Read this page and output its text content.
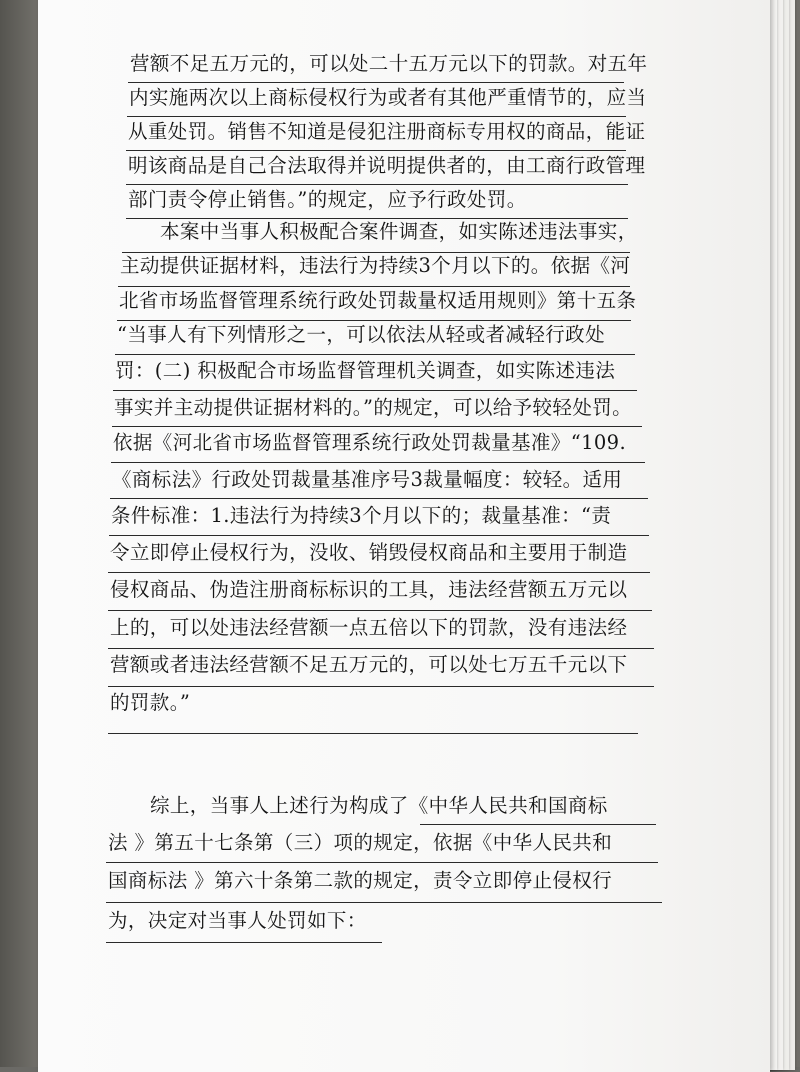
营额不足五万元的，可以处二十五万元以下的罚款。对五年
内实施两次以上商标侵权行为或者有其他严重情节的，应当
从重处罚。销售不知道是侵犯注册商标专用权的商品，能证
明该商品是自己合法取得并说明提供者的，由工商行政管理
部门责令停止销售。”的规定，应予行政处罚。
本案中当事人积极配合案件调查，如实陈述违法事实，
主动提供证据材料，违法行为持续3个月以下的。依据《河
北省市场监督管理系统行政处罚裁量权适用规则》第十五条
“当事人有下列情形之一，可以依法从轻或者减轻行政处
罚：(二) 积极配合市场监督管理机关调查，如实陈述违法
事实并主动提供证据材料的。”的规定，可以给予较轻处罚。
依据《河北省市场监督管理系统行政处罚裁量基准》“109.
《商标法》行政处罚裁量基准序号3裁量幅度：较轻。适用
条件标准：1.违法行为持续3个月以下的；裁量基准：“责
令立即停止侵权行为，没收、销毁侵权商品和主要用于制造
侵权商品、伪造注册商标标识的工具，违法经营额五万元以
上的，可以处违法经营额一点五倍以下的罚款，没有违法经
营额或者违法经营额不足五万元的，可以处七万五千元以下
的罚款。”
综上，当事人上述行为构成了《中华人民共和国商标
法 》第五十七条第（三）项的规定，依据《中华人民共和
国商标法 》第六十条第二款的规定，责令立即停止侵权行
为，决定对当事人处罚如下：
